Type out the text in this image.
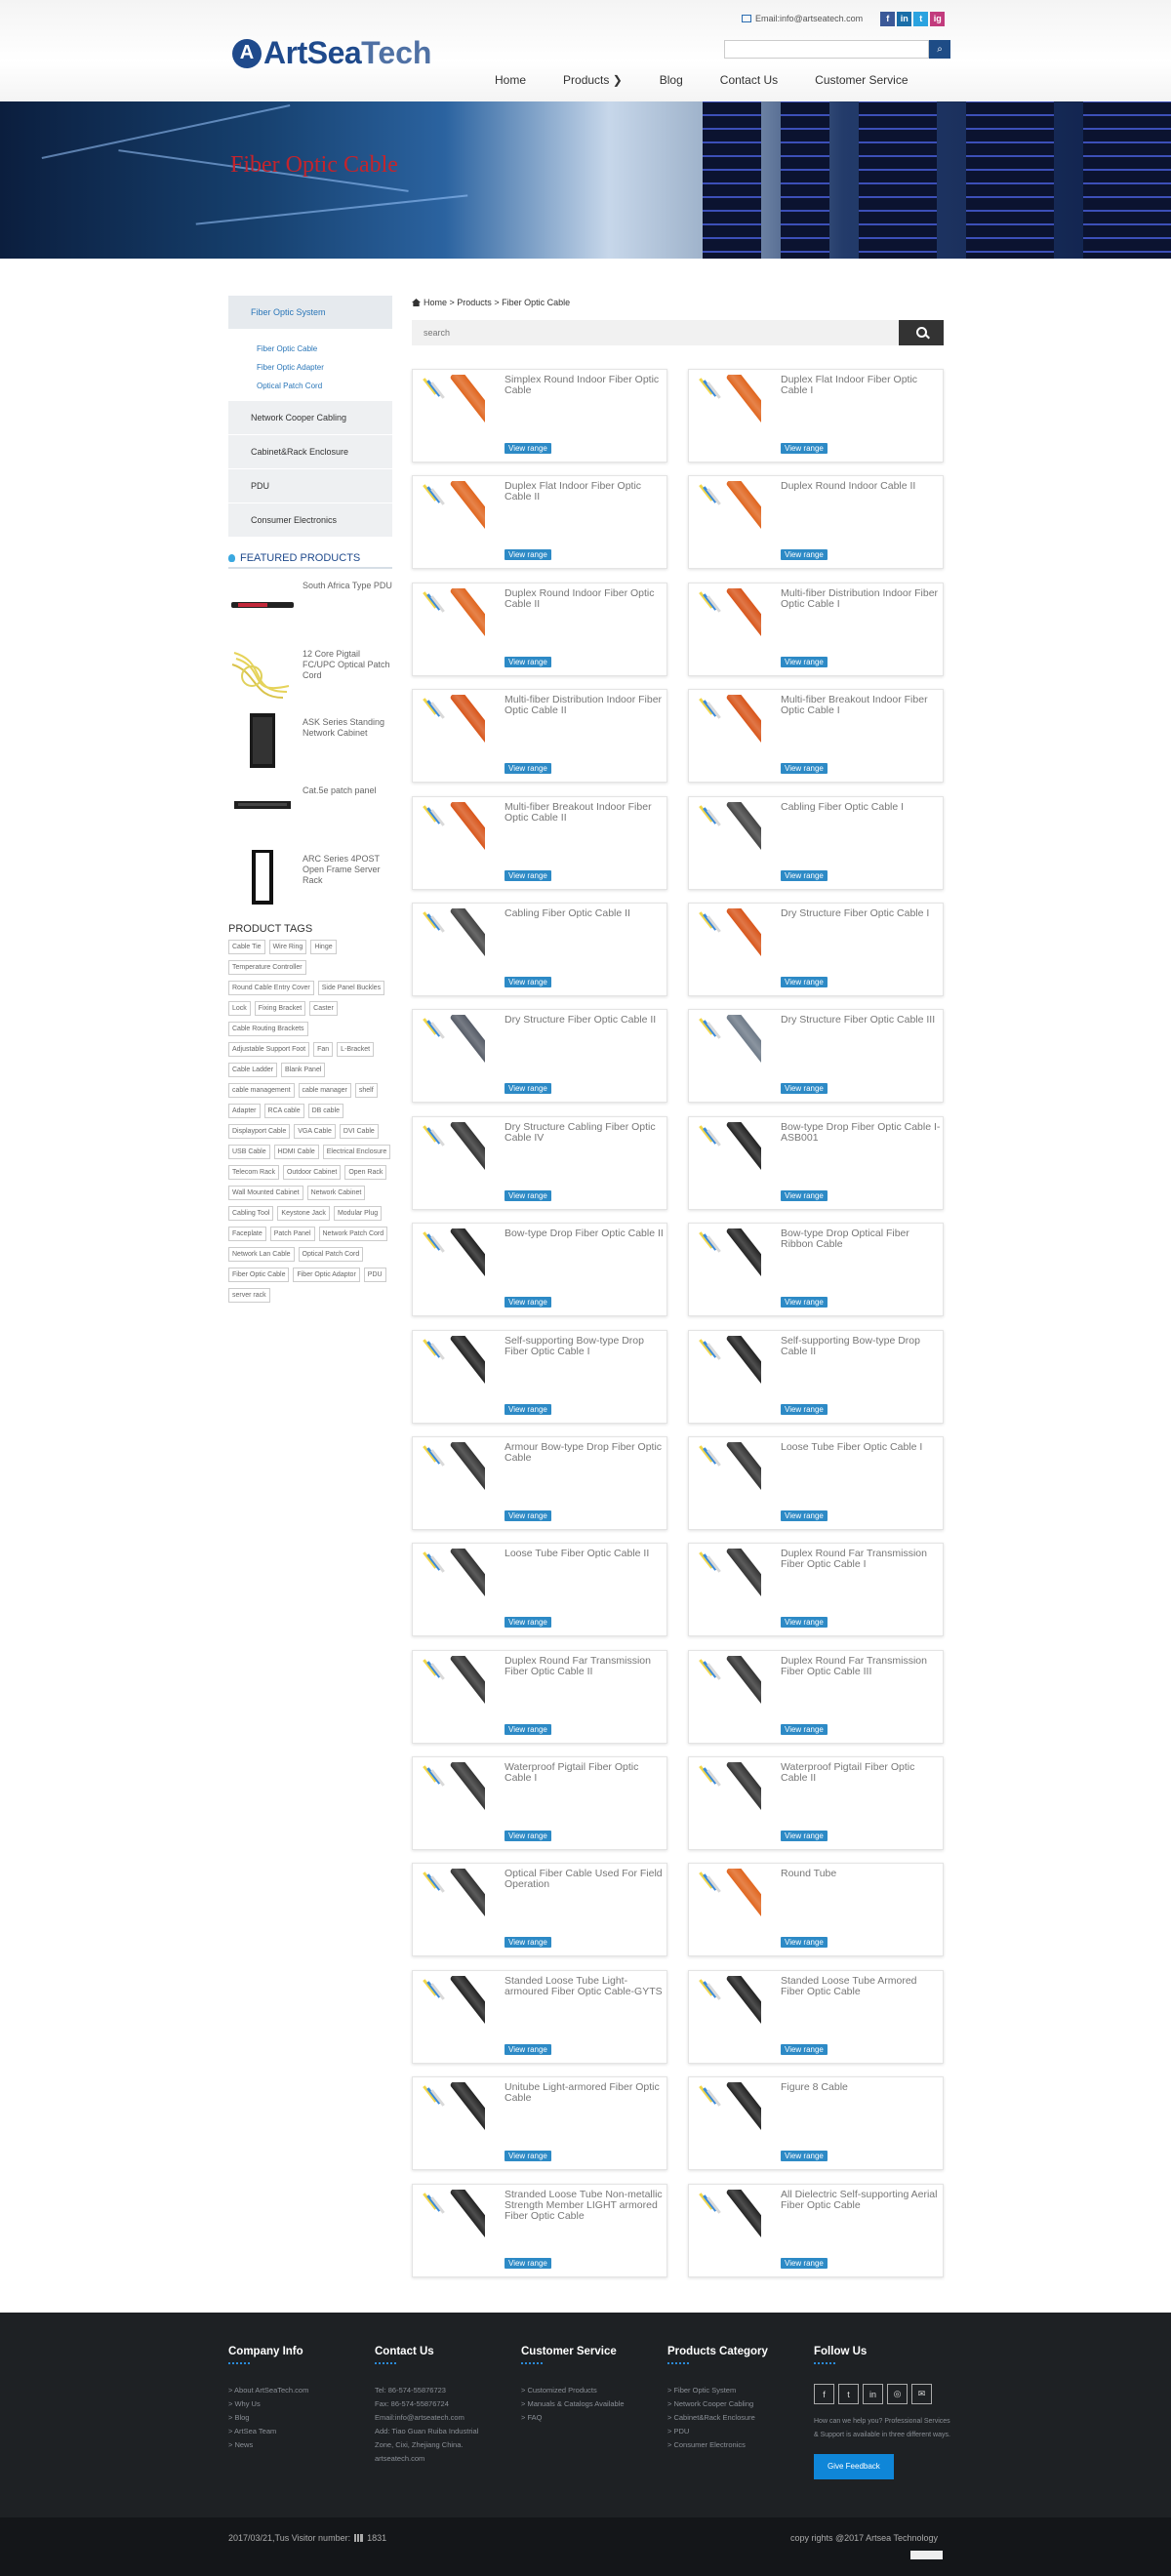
Email:info@artseatech.com	f	in	t	ig
A ArtSea Tech	⌕
Home	Products ❯	Blog	Contact Us	Customer Service
Fiber Optic Cable
Fiber Optic System
Fiber Optic Cable
Fiber Optic Adapter
Optical Patch Cord
Network Cooper Cabling
Cabinet&Rack Enclosure
PDU
Consumer Electronics
FEATURED PRODUCTS
South Africa Type PDU
12 Core Pigtail FC/UPC Optical Patch Cord
ASK Series Standing Network Cabinet
Cat.5e patch panel
ARC Series 4POST Open Frame Server Rack
PRODUCT TAGS
Cable Tie	Wire Ring	Hinge
Temperature Controller
Round Cable Entry Cover	Side Panel Buckles
Lock	Fixing Bracket	Caster
Cable Routing Brackets
Adjustable Support Foot	Fan	L-Bracket
Cable Ladder	Blank Panel
cable management	cable manager	shelf
Adapter	RCA cable	DB cable
Displayport Cable	VGA Cable	DVI Cable
USB Cable	HDMI Cable	Electrical Enclosure
Telecom Rack	Outdoor Cabinet	Open Rack
Wall Mounted Cabinet	Network Cabinet
Cabling Tool	Keystone Jack	Modular Plug
Faceplate	Patch Panel	Network Patch Cord
Network Lan Cable	Optical Patch Cord
Fiber Optic Cable	Fiber Optic Adaptor	PDU
server rack
Home > Products > Fiber Optic Cable
search
Simplex Round Indoor Fiber Optic Cable
View range
Duplex Flat Indoor Fiber Optic Cable I
View range
Duplex Flat Indoor Fiber Optic Cable II
View range
Duplex Round Indoor Cable II
View range
Duplex Round Indoor Fiber Optic Cable II
View range
Multi-fiber Distribution Indoor Fiber Optic Cable I
View range
Multi-fiber Distribution Indoor Fiber Optic Cable II
View range
Multi-fiber Breakout Indoor Fiber Optic Cable I
View range
Multi-fiber Breakout Indoor Fiber Optic Cable II
View range
Cabling Fiber Optic Cable I
View range
Cabling Fiber Optic Cable II
View range
Dry Structure Fiber Optic Cable I
View range
Dry Structure Fiber Optic Cable II
View range
Dry Structure Fiber Optic Cable III
View range
Dry Structure Cabling Fiber Optic Cable IV
View range
Bow-type Drop Fiber Optic Cable I-ASB001
View range
Bow-type Drop Fiber Optic Cable II
View range
Bow-type Drop Optical Fiber Ribbon Cable
View range
Self-supporting Bow-type Drop Fiber Optic Cable I
View range
Self-supporting Bow-type Drop Cable II
View range
Armour Bow-type Drop Fiber Optic Cable
View range
Loose Tube Fiber Optic Cable I
View range
Loose Tube Fiber Optic Cable II
View range
Duplex Round Far Transmission Fiber Optic Cable I
View range
Duplex Round Far Transmission Fiber Optic Cable II
View range
Duplex Round Far Transmission Fiber Optic Cable III
View range
Waterproof Pigtail Fiber Optic Cable I
View range
Waterproof Pigtail Fiber Optic Cable II
View range
Optical Fiber Cable Used For Field Operation
View range
Round Tube
View range
Standed Loose Tube Light-armoured Fiber Optic Cable-GYTS
View range
Standed Loose Tube Armored Fiber Optic Cable
View range
Unitube Light-armored Fiber Optic Cable
View range
Figure 8 Cable
View range
Stranded Loose Tube Non-metallic Strength Member LIGHT armored Fiber Optic Cable
View range
All Dielectric Self-supporting Aerial Fiber Optic Cable
View range
Company Info
> About ArtSeaTech.com
> Why Us
> Blog
> ArtSea Team
> News
Contact Us
Tel: 86-574-55876723
Fax: 86-574-55876724
Email:info@artseatech.com
Add: Tiao Guan Ruiba Industrial
Zone, Cixi, Zhejiang China.
artseatech.com
Customer Service
> Customized Products
> Manuals & Catalogs Available
> FAQ
Products Category
> Fiber Optic System
> Network Cooper Cabling
> Cabinet&Rack Enclosure
> PDU
> Consumer Electronics
Follow Us
f	t	in	◎	✉
How can we help you? Professional Services & Support is available in three different ways.
Give Feedback
2017/03/21,Tus Visitor number: 1831	copy rights @2017 Artsea Technology
